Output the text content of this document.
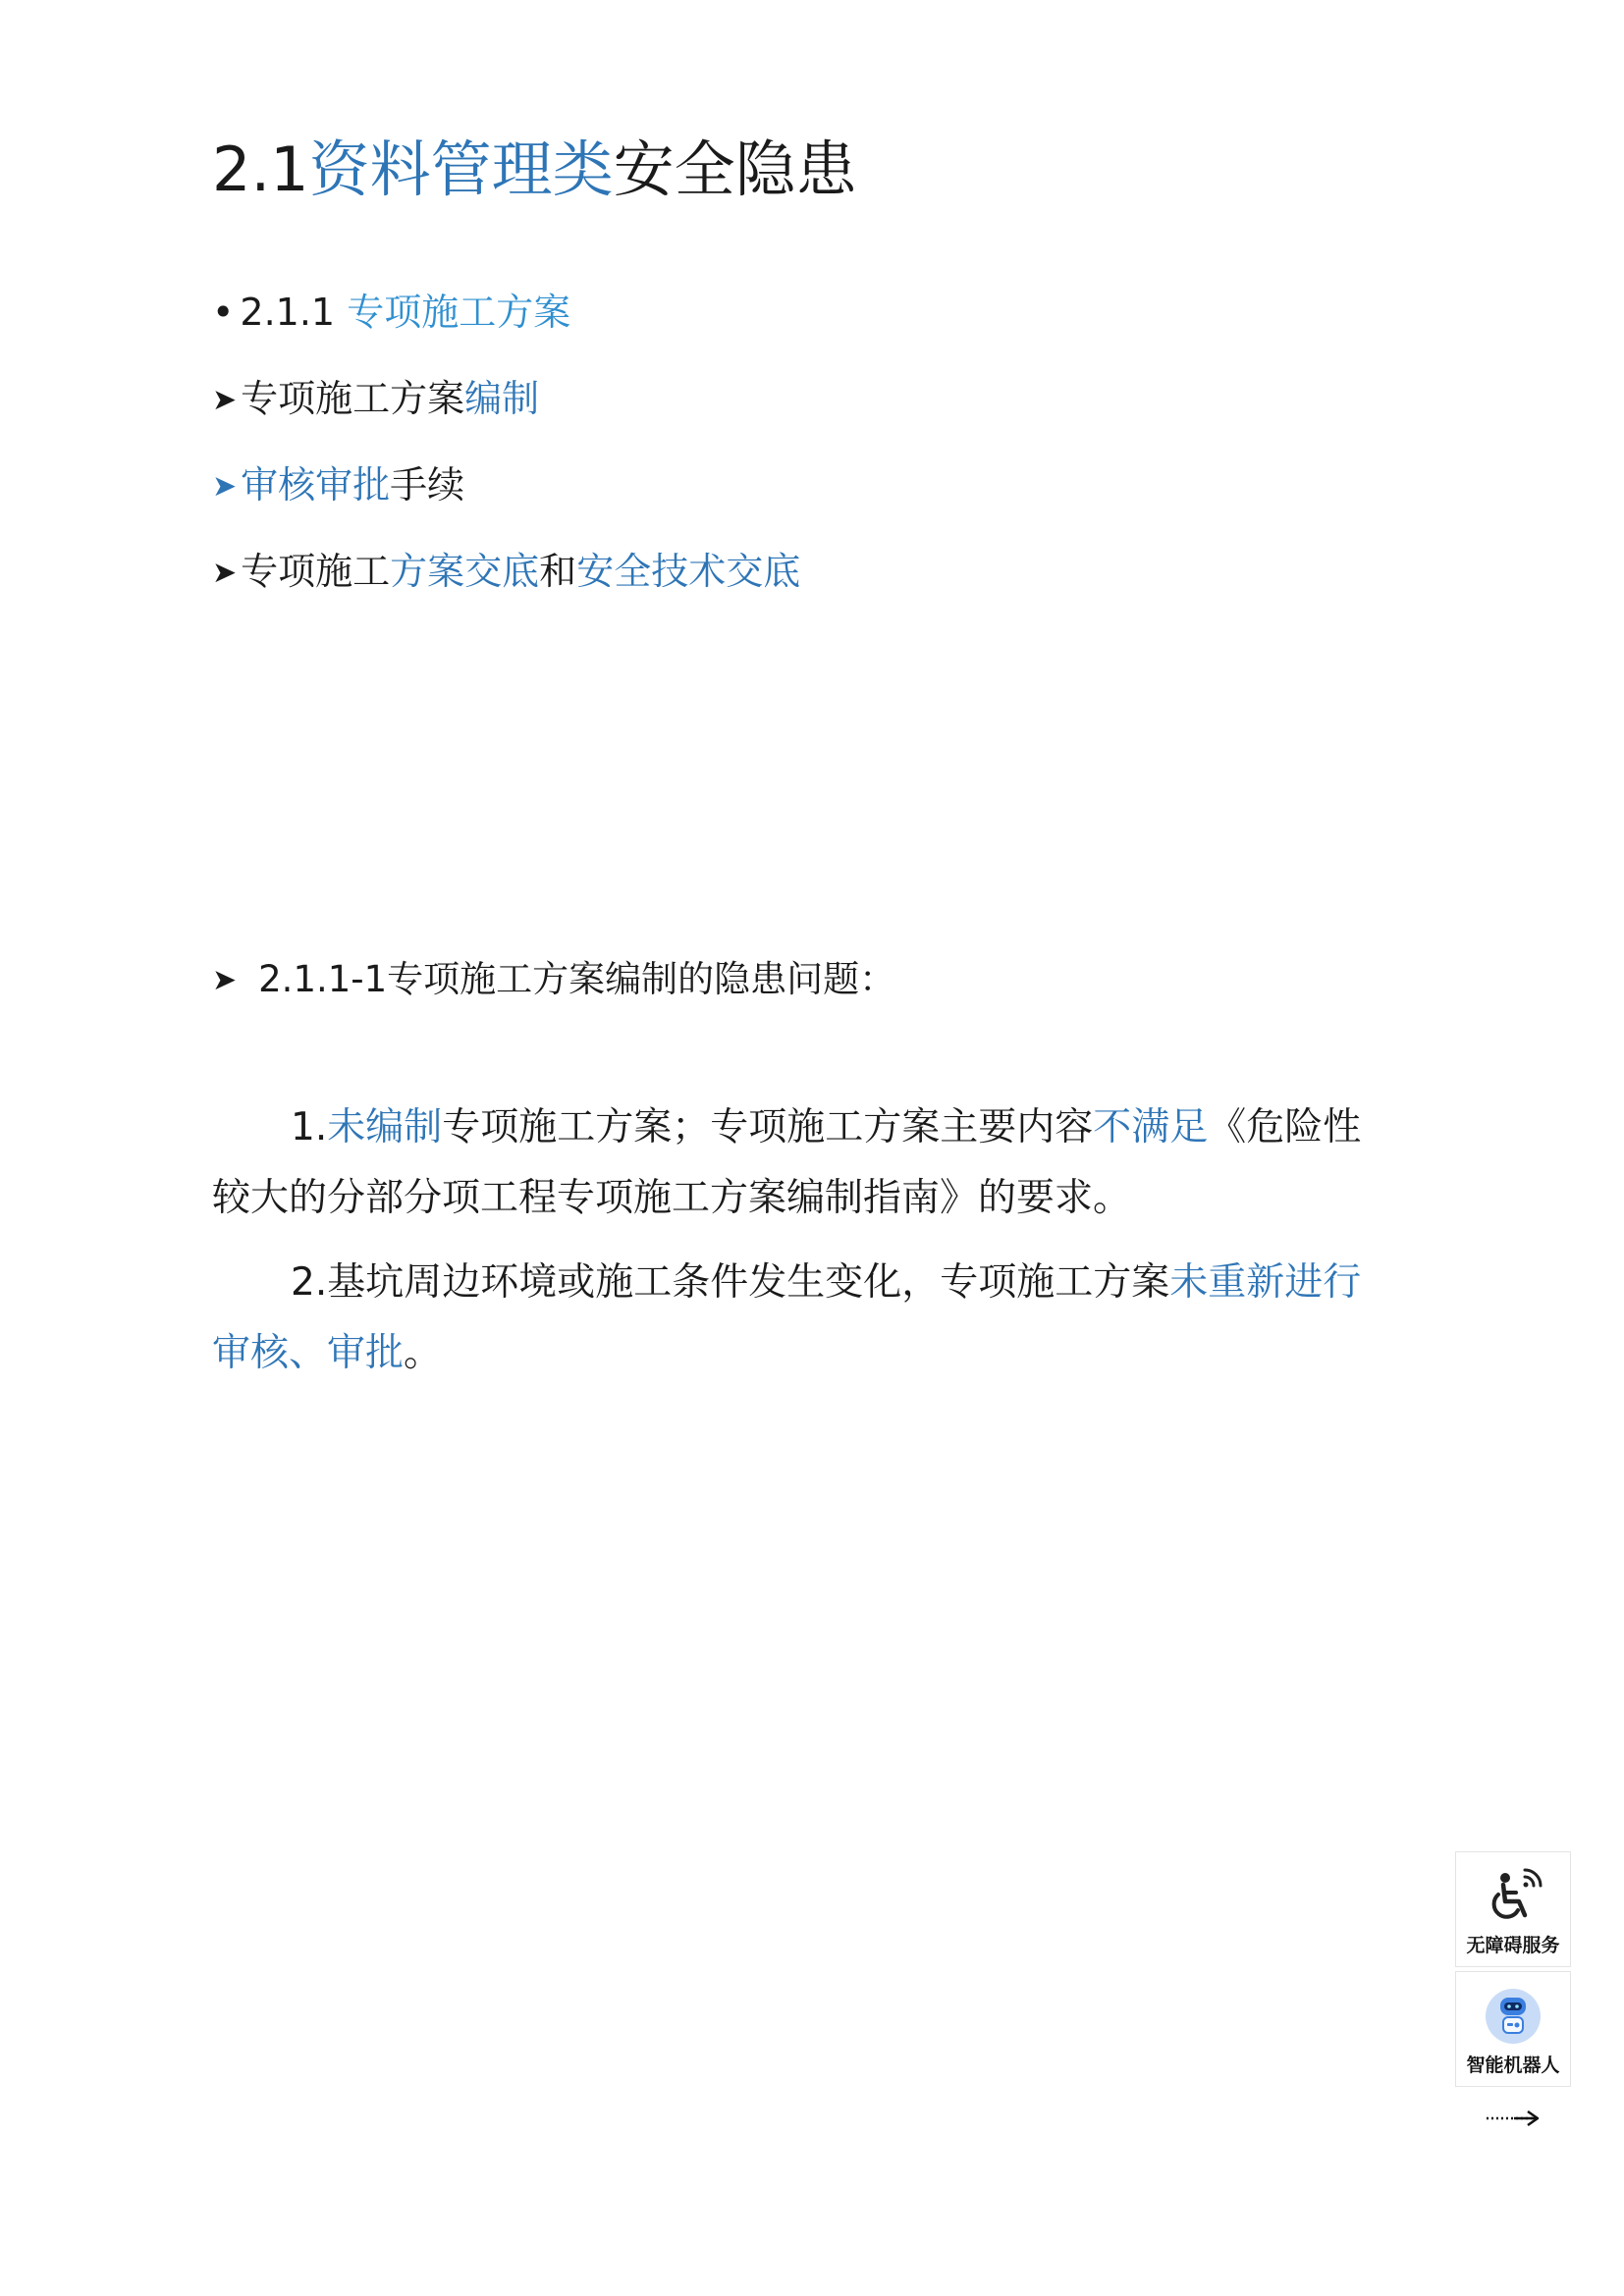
2.1资料管理类安全隐患
• 2.1.1 专项施工方案
➤ 专项施工方案编制
➤ 审核审批手续
➤ 专项施工方案交底和安全技术交底
➤ 2.1.1-1专项施工方案编制的隐患问题：

1.未编制专项施工方案；专项施工方案主要内容不满足《危险性较大的分部分项工程专项施工方案编制指南》的要求。

2.基坑周边环境或施工条件发生变化，专项施工方案未重新进行审核、审批。

无障碍服务
智能机器人
